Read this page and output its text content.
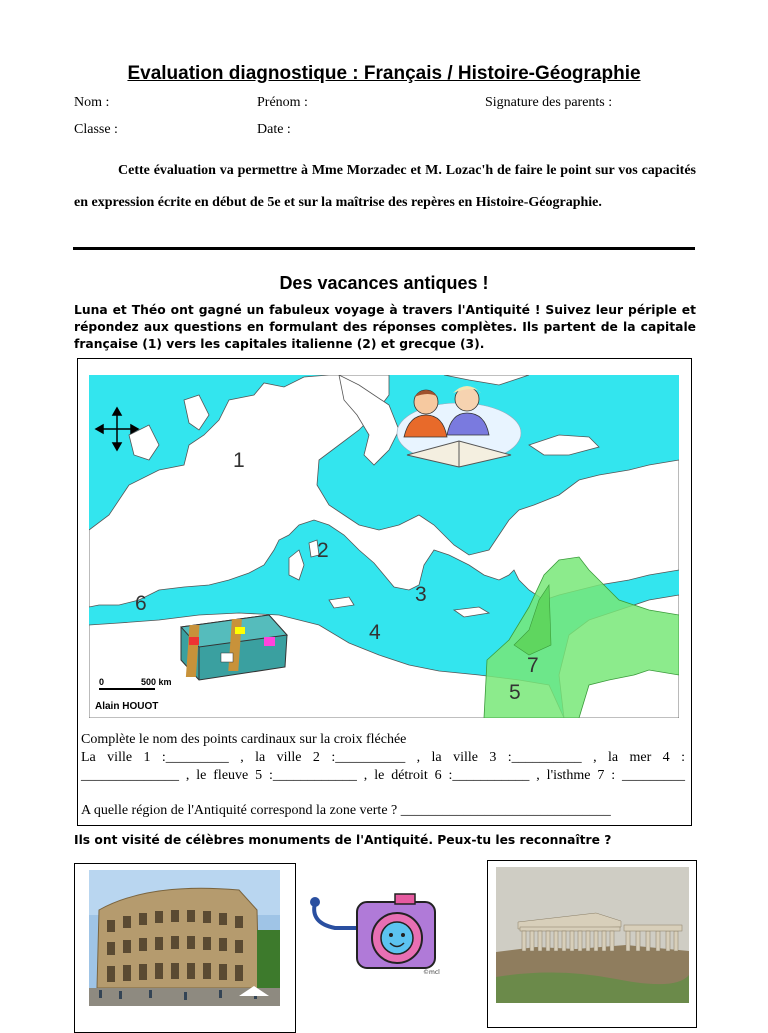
Evaluation diagnostique : Français / Histoire-Géographie
Nom :	Prénom :	Signature des parents :
Classe :	Date :
Cette évaluation va permettre à Mme Morzadec et M. Lozac'h de faire le point sur vos capacités en expression écrite en début de 5e et sur la maîtrise des repères en Histoire-Géographie.
Des vacances antiques !
Luna et Théo ont gagné un fabuleux voyage à travers l'Antiquité ! Suivez leur périple et répondez aux questions en formulant des réponses complètes. Ils partent de la capitale française (1) vers les capitales italienne (2) et grecque (3).
1
2
3
4
5
6
7
0	500 km
Alain HOUOT
Complète le nom des points cardinaux sur la croix fléchée
La ville 1 :_________ , la ville 2 :__________ , la ville 3 :__________ , la mer 4 :
______________ , le fleuve 5 :____________ , le détroit 6 :___________ , l'isthme 7 : _________
A quelle région de l'Antiquité correspond la zone verte ? ______________________________
Ils ont visité de célèbres monuments de l'Antiquité. Peux-tu les reconnaître ?
©mcl
